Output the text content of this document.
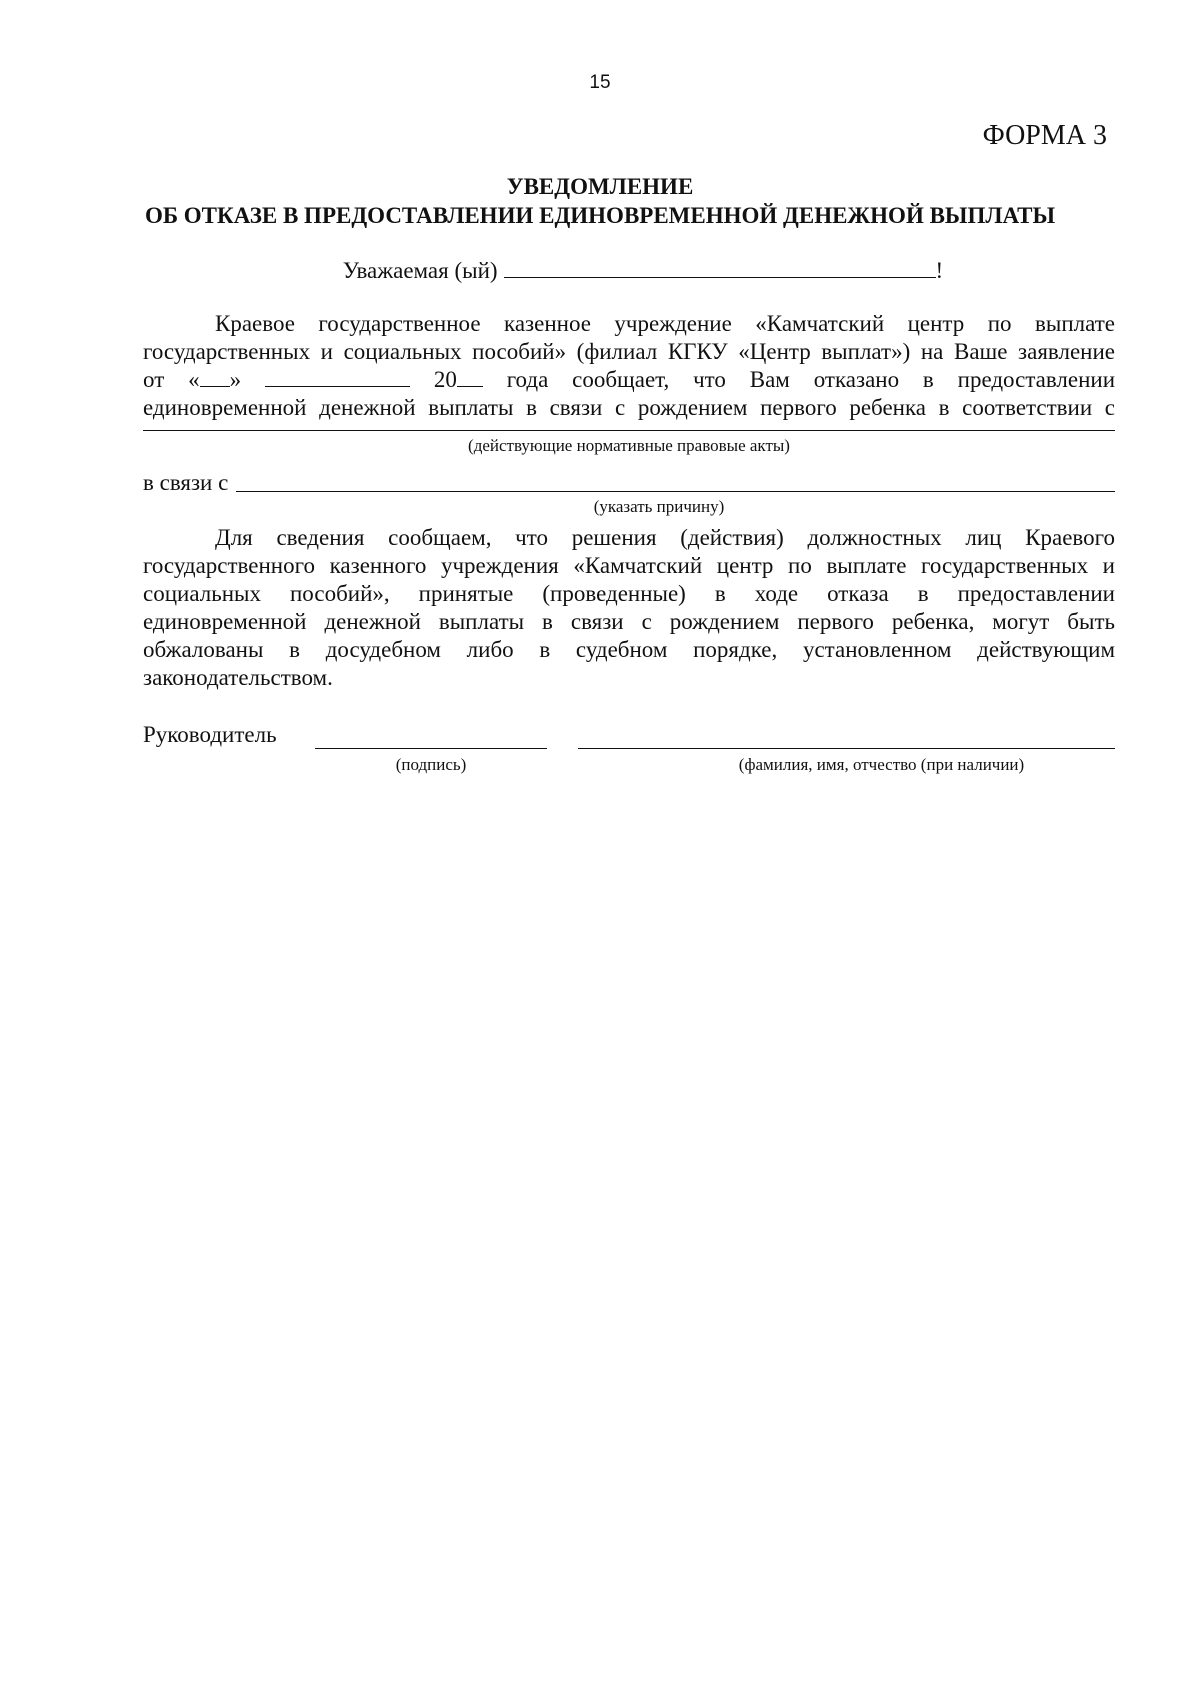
15
ФОРМА 3
УВЕДОМЛЕНИЕ
ОБ ОТКАЗЕ В ПРЕДОСТАВЛЕНИИ ЕДИНОВРЕМЕННОЙ ДЕНЕЖНОЙ ВЫПЛАТЫ
Уважаемая (ый)	!
Краевое государственное казенное учреждение «Камчатский центр по выплате
государственных и социальных пособий» (филиал КГКУ «Центр выплат») на Ваше заявление
от « »	20 года сообщает, что Вам отказано в предоставлении
единовременной денежной выплаты в связи с рождением первого ребенка в соответствии с
(действующие нормативные правовые акты)
в связи с
(указать причину)
Для сведения сообщаем, что решения (действия) должностных лиц Краевого
государственного казенного учреждения «Камчатский центр по выплате государственных и
социальных пособий», принятые (проведенные) в ходе отказа в предоставлении
единовременной денежной выплаты в связи с рождением первого ребенка, могут быть
обжалованы в досудебном либо в судебном порядке, установленном действующим
законодательством.
Руководитель
(подпись)	(фамилия, имя, отчество (при наличии)
